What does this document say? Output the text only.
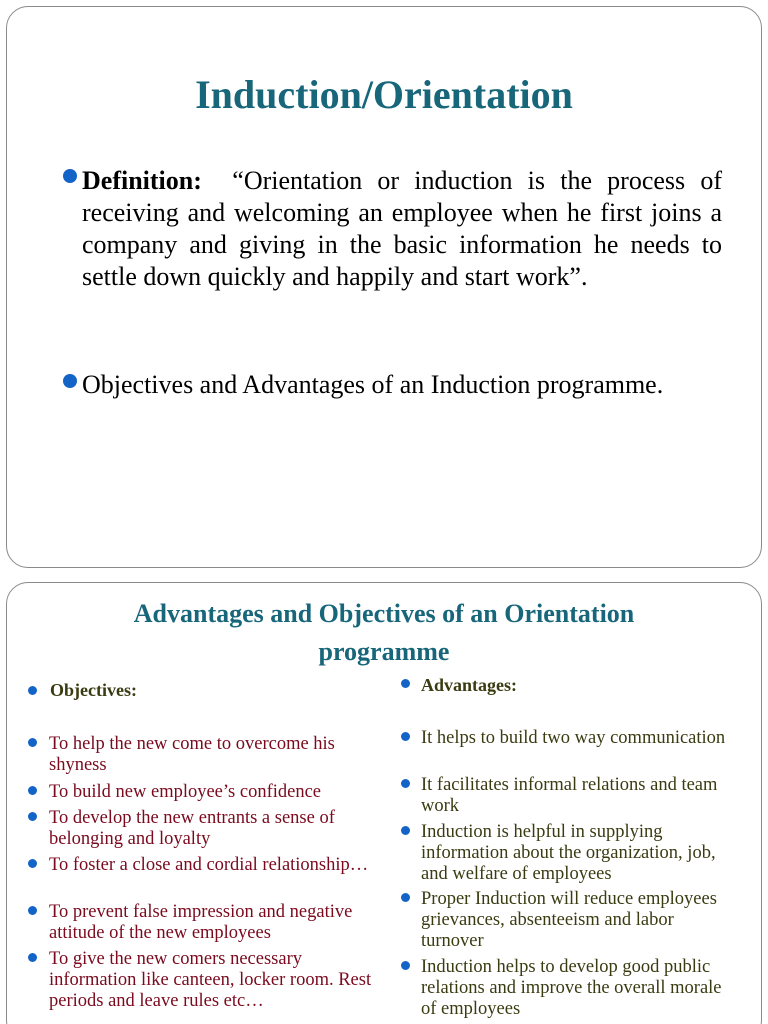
Induction/Orientation
Definition: “Orientation or induction is the process of receiving and welcoming an employee when he first joins a company and giving in the basic information he needs to settle down quickly and happily and start work”.
Objectives and Advantages of an Induction programme.
Advantages and Objectives of an Orientation
programme
Objectives:
To help the new come to overcome his shyness
To build new employee’s confidence
To develop the new entrants a sense of belonging and loyalty
To foster a close and cordial relationship…
To prevent false impression and negative attitude of the new employees
To give the new comers necessary information like canteen, locker room. Rest periods and leave rules etc…
Advantages:
It helps to build two way communication
It facilitates informal relations and team work
Induction is helpful in supplying information about the organization, job, and welfare of employees
Proper Induction will reduce employees grievances, absenteeism and labor turnover
Induction helps to develop good public relations and improve the overall morale of employees
